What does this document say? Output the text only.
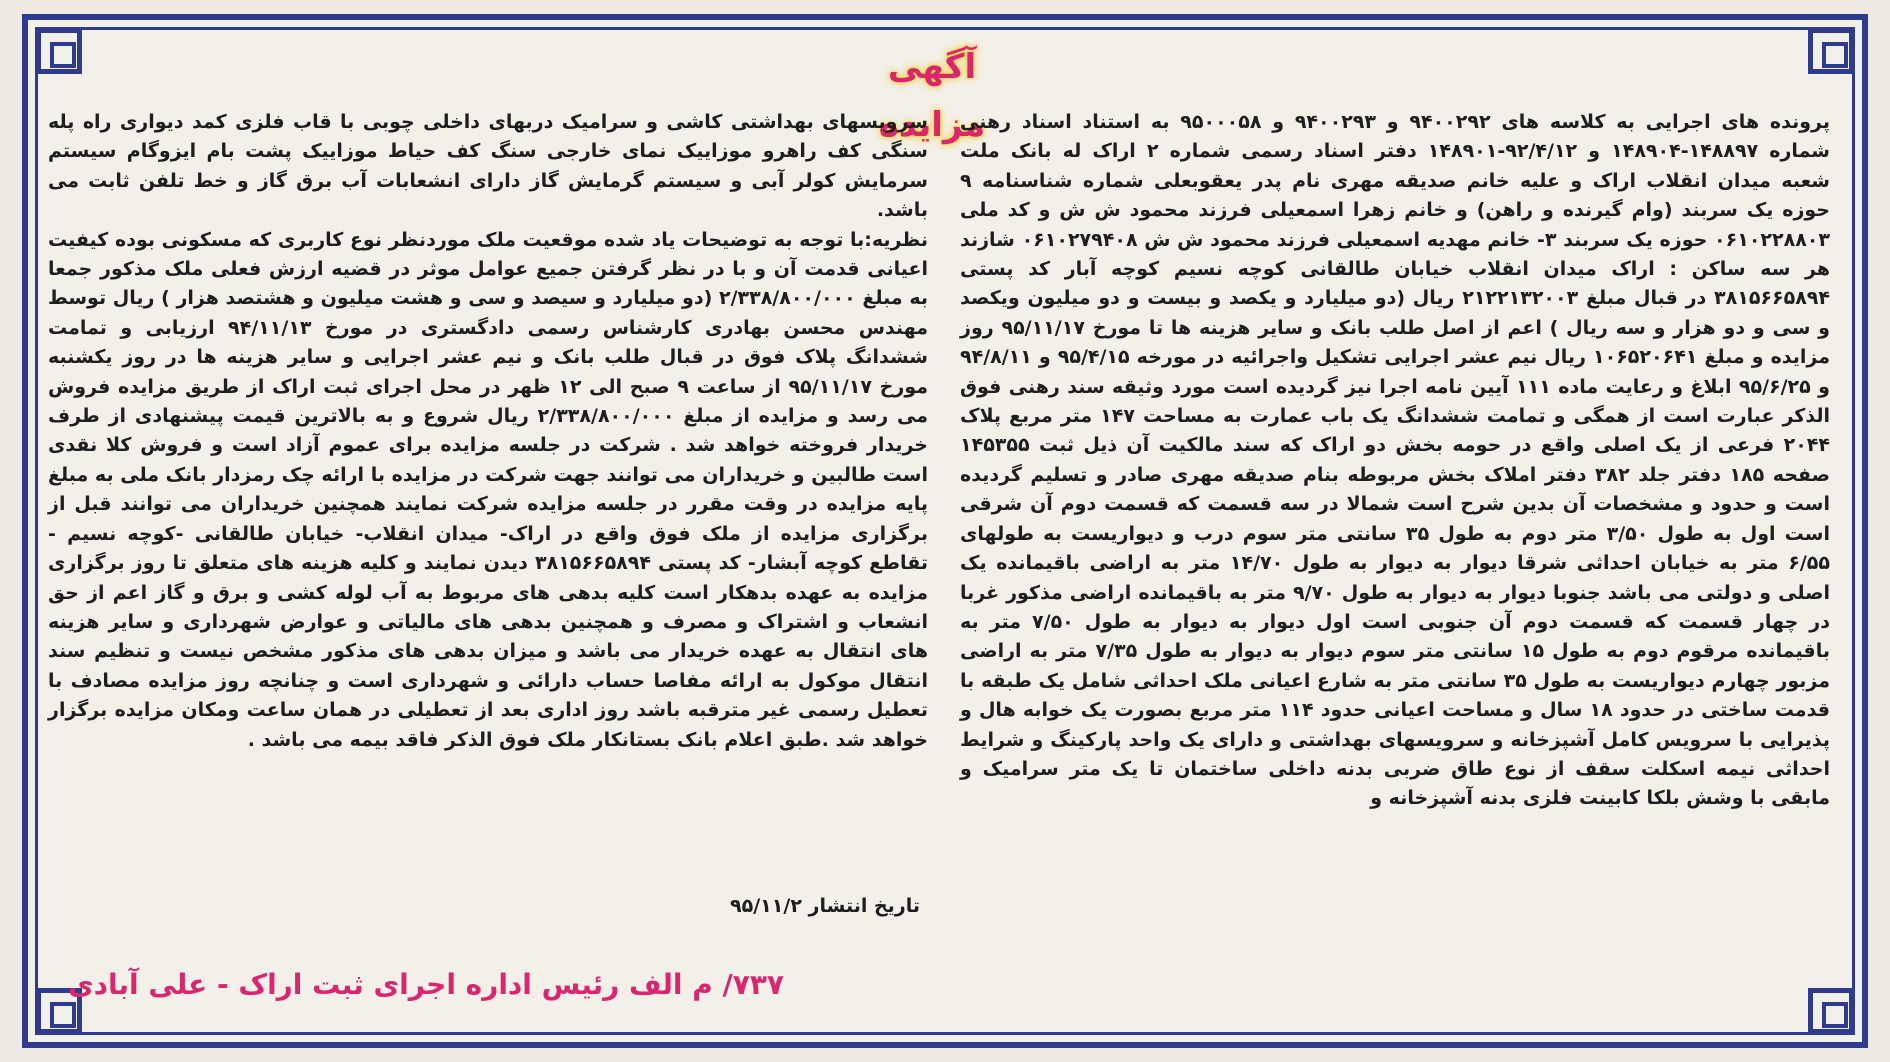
آگهی مزایده
پرونده های اجرایی به کلاسه های ۹۴۰۰۲۹۲ و ۹۴۰۰۲۹۳ و ۹۵۰۰۰۵۸ به استناد اسناد رهنی شماره ۱۴۸۸۹۷-۱۴۸۹۰۴ و ۹۲/۴/۱۲-۱۴۸۹۰۱ دفتر اسناد رسمی شماره ۲ اراک له بانک ملت شعبه میدان انقلاب اراک و علیه خانم صدیقه مهری نام پدر یعقوبعلی شماره شناسنامه ۹ حوزه یک سربند (وام گیرنده و راهن) و خانم زهرا اسمعیلی فرزند محمود ش ش و کد ملی ۰۶۱۰۲۲۸۸۰۳ حوزه یک سربند ۳- خانم مهدیه اسمعیلی فرزند محمود ش ش ۰۶۱۰۲۷۹۴۰۸ شازند هر سه ساکن : اراک میدان انقلاب خیابان طالقانی کوچه نسیم کوچه آبار کد پستی ۳۸۱۵۶۶۵۸۹۴ در قبال مبلغ ۲۱۲۲۱۳۲۰۰۳ ریال (دو میلیارد و یکصد و بیست و دو میلیون ویکصد و سی و دو هزار و سه ریال ) اعم از اصل طلب بانک و سایر هزینه ها تا مورخ ۹۵/۱۱/۱۷ روز مزایده و مبلغ ۱۰۶۵۲۰۶۴۱ ریال نیم عشر اجرایی تشکیل واجرائیه در مورخه ۹۵/۴/۱۵ و ۹۴/۸/۱۱ و ۹۵/۶/۲۵ ابلاغ و رعایت ماده ۱۱۱ آیین نامه اجرا نیز گردیده است مورد وثیقه سند رهنی فوق الذکر عبارت است از همگی و تمامت ششدانگ یک باب عمارت به مساحت ۱۴۷ متر مربع پلاک ۲۰۴۴ فرعی از یک اصلی واقع در حومه بخش دو اراک که سند مالکیت آن ذیل ثبت ۱۴۵۳۵۵ صفحه ۱۸۵ دفتر جلد ۳۸۲ دفتر املاک بخش مربوطه بنام صدیقه مهری صادر و تسلیم گردیده است و حدود و مشخصات آن بدین شرح است شمالا در سه قسمت که قسمت دوم آن شرقی است اول به طول ۳/۵۰ متر دوم به طول ۳۵ سانتی متر سوم درب و دیواریست به طولهای ۶/۵۵ متر به خیابان احداثی شرقا دیوار به دیوار به طول ۱۴/۷۰ متر به اراضی باقیمانده یک اصلی و دولتی می باشد جنوبا دیوار به دیوار به طول ۹/۷۰ متر به باقیمانده اراضی مذکور غربا در چهار قسمت که قسمت دوم آن جنوبی است اول دیوار به دیوار به طول ۷/۵۰ متر به باقیمانده مرقوم دوم به طول ۱۵ سانتی متر سوم دیوار به دیوار به طول ۷/۳۵ متر به اراضی مزبور چهارم دیواریست به طول ۳۵ سانتی متر به شارع اعیانی ملک احداثی شامل یک طبقه با قدمت ساختی در حدود ۱۸ سال و مساحت اعیانی حدود ۱۱۴ متر مربع بصورت یک خوابه هال و پذیرایی با سرویس کامل آشپزخانه و سرویسهای بهداشتی و دارای یک واحد پارکینگ و شرایط احداثی نیمه اسکلت سقف از نوع طاق ضربی بدنه داخلی ساختمان تا یک متر سرامیک و مابقی با وشش بلکا کابینت فلزی بدنه آشپزخانه و
سرویسهای بهداشتی کاشی و سرامیک دربهای داخلی چوبی با قاب فلزی کمد دیواری راه پله سنگی کف راهرو موزاییک نمای خارجی سنگ کف حیاط موزاییک پشت بام ایزوگام سیستم سرمایش کولر آبی و سیستم گرمایش گاز دارای انشعابات آب برق گاز و خط تلفن ثابت می باشد.
نظریه:با توجه به توضیحات یاد شده موقعیت ملک موردنظر نوع کاربری که مسکونی بوده کیفیت اعیانی قدمت آن و با در نظر گرفتن جمیع عوامل موثر در قضیه ارزش فعلی ملک مذکور جمعا به مبلغ ۲/۳۳۸/۸۰۰/۰۰۰ (دو میلیارد و سیصد و سی و هشت میلیون و هشتصد هزار ) ریال توسط مهندس محسن بهادری کارشناس رسمی دادگستری در مورخ ۹۴/۱۱/۱۳ ارزیابی و تمامت ششدانگ پلاک فوق در قبال طلب بانک و نیم عشر اجرایی و سایر هزینه ها در روز یکشنبه مورخ ۹۵/۱۱/۱۷ از ساعت ۹ صبح الی ۱۲ ظهر در محل اجرای ثبت اراک از طریق مزایده فروش می رسد و مزایده از مبلغ ۲/۳۳۸/۸۰۰/۰۰۰ ریال شروع و به بالاترین قیمت پیشنهادی از طرف خریدار فروخته خواهد شد . شرکت در جلسه مزایده برای عموم آزاد است و فروش کلا نقدی است طالبین و خریداران می توانند جهت شرکت در مزایده با ارائه چک رمزدار بانک ملی به مبلغ پایه مزایده در وقت مقرر در جلسه مزایده شرکت نمایند همچنین خریداران می توانند قبل از برگزاری مزایده از ملک فوق واقع در اراک- میدان انقلاب- خیابان طالقانی -کوچه نسیم - تقاطع کوچه آبشار- کد پستی ۳۸۱۵۶۶۵۸۹۴ دیدن نمایند و کلیه هزینه های متعلق تا روز برگزاری مزایده به عهده بدهکار است کلیه بدهی های مربوط به آب لوله کشی و برق و گاز اعم از حق انشعاب و اشتراک و مصرف و همچنین بدهی های مالیاتی و عوارض شهرداری و سایر هزینه های انتقال به عهده خریدار می باشد و میزان بدهی های مذکور مشخص نیست و تنظیم سند انتقال موکول به ارائه مفاصا حساب دارائی و شهرداری است و چنانچه روز مزایده مصادف با تعطیل رسمی غیر مترقبه باشد روز اداری بعد از تعطیلی در همان ساعت ومکان مزایده برگزار خواهد شد .طبق اعلام بانک بستانکار ملک فوق الذکر فاقد بیمه می باشد .
تاریخ انتشار ۹۵/۱۱/۲
۷۳۷/ م الف رئیس اداره اجرای ثبت اراک - علی آبادی
